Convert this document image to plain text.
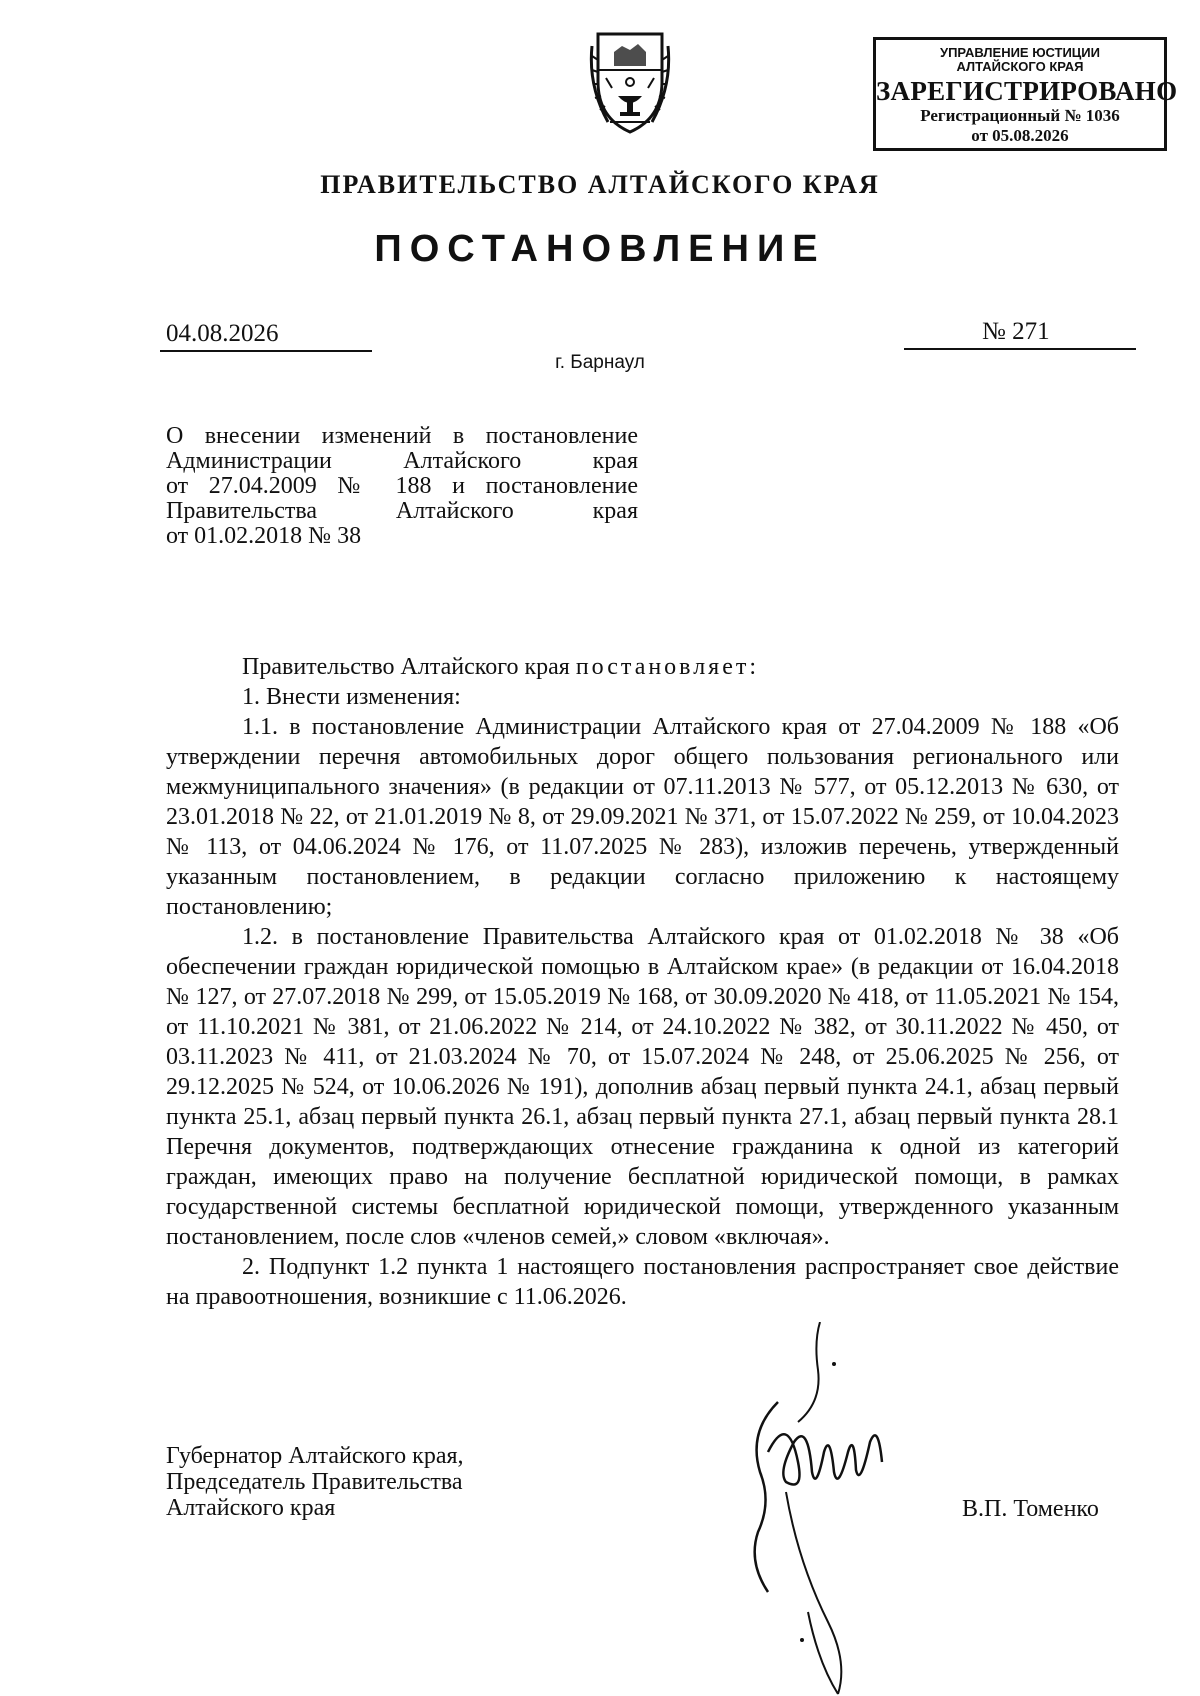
УПРАВЛЕНИЕ ЮСТИЦИИ
АЛТАЙСКОГО КРАЯ
ЗАРЕГИСТРИРОВАНО
Регистрационный № 1036
от 05.08.2026
ПРАВИТЕЛЬСТВО АЛТАЙСКОГО КРАЯ
ПОСТАНОВЛЕНИЕ
04.08.2026	№ 271
г. Барнаул
О внесении изменений в постановление
Администрации Алтайского края
от 27.04.2009 № 188 и постановление
Правительства Алтайского края
от 01.02.2018 № 38

Правительство Алтайского края постановляет:

1. Внести изменения:

1.1. в постановление Администрации Алтайского края от 27.04.2009 № 188 «Об утверждении перечня автомобильных дорог общего пользования регионального или межмуниципального значения» (в редакции от 07.11.2013 № 577, от 05.12.2013 № 630, от 23.01.2018 № 22, от 21.01.2019 № 8, от 29.09.2021 № 371, от 15.07.2022 № 259, от 10.04.2023 № 113, от 04.06.2024 № 176, от 11.07.2025 № 283), изложив перечень, утвержденный указанным постановлением, в редакции согласно приложению к настоящему постановлению;

1.2. в постановление Правительства Алтайского края от 01.02.2018 № 38 «Об обеспечении граждан юридической помощью в Алтайском крае» (в редакции от 16.04.2018 № 127, от 27.07.2018 № 299, от 15.05.2019 № 168, от 30.09.2020 № 418, от 11.05.2021 № 154, от 11.10.2021 № 381, от 21.06.2022 № 214, от 24.10.2022 № 382, от 30.11.2022 № 450, от 03.11.2023 № 411, от 21.03.2024 № 70, от 15.07.2024 № 248, от 25.06.2025 № 256, от 29.12.2025 № 524, от 10.06.2026 № 191), дополнив абзац первый пункта 24.1, абзац первый пункта 25.1, абзац первый пункта 26.1, абзац первый пункта 27.1, абзац первый пункта 28.1 Перечня документов, подтверждающих отнесение гражданина к одной из категорий граждан, имеющих право на получение бесплатной юридической помощи, в рамках государственной системы бесплатной юридической помощи, утвержденного указанным постановлением, после слов «членов семей,» словом «включая».

2. Подпункт 1.2 пункта 1 настоящего постановления распространяет свое действие на правоотношения, возникшие с 11.06.2026.

Губернатор Алтайского края,
Председатель Правительства
Алтайского края	В.П. Томенко
